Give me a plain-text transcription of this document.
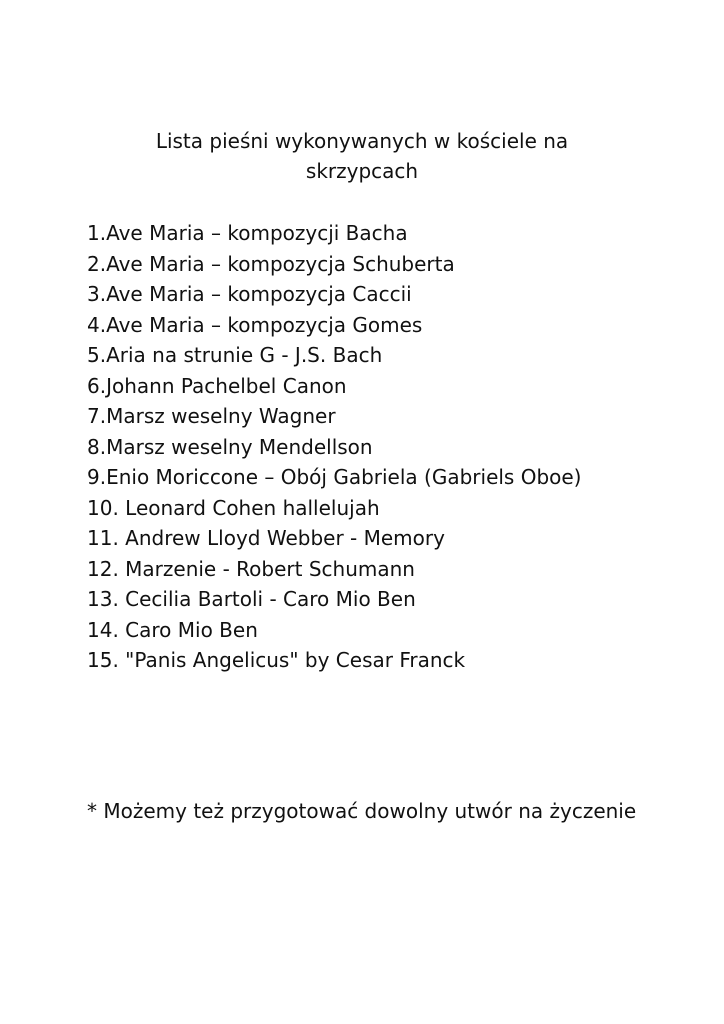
Lista pieśni wykonywanych w kościele na skrzypcach
1.Ave Maria – kompozycji Bacha
2.Ave Maria – kompozycja Schuberta
3.Ave Maria – kompozycja Caccii
4.Ave Maria – kompozycja Gomes
5.Aria na strunie G - J.S. Bach
6.Johann Pachelbel Canon
7.Marsz weselny Wagner
8.Marsz weselny Mendellson
9.Enio Moriccone – Obój Gabriela (Gabriels Oboe)
10. Leonard Cohen hallelujah
11. Andrew Lloyd Webber - Memory
12. Marzenie - Robert Schumann
13. Cecilia Bartoli - Caro Mio Ben
14. Caro Mio Ben
15. "Panis Angelicus" by Cesar Franck

* Możemy też przygotować dowolny utwór na życzenie
